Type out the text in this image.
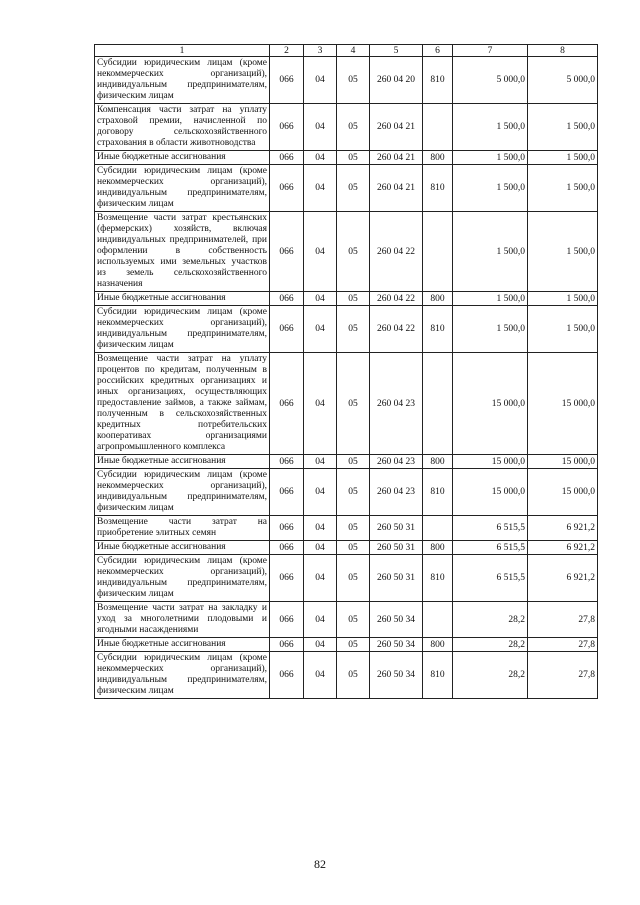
1	2	3	4	5	6	7	8
Субсидии юридическим лицам (кроме некоммерческих организаций), индивидуальным предпринимателям, физическим лицам	066	04	05	260 04 20	810	5 000,0	5 000,0
Компенсация части затрат на уплату страховой премии, начисленной по договору сельскохозяйственного страхования в области животноводства	066	04	05	260 04 21		1 500,0	1 500,0
Иные бюджетные ассигнования	066	04	05	260 04 21	800	1 500,0	1 500,0
Субсидии юридическим лицам (кроме некоммерческих организаций), индивидуальным предпринимателям, физическим лицам	066	04	05	260 04 21	810	1 500,0	1 500,0
Возмещение части затрат крестьянских (фермерских) хозяйств, включая индивидуальных предпринимателей, при оформлении в собственность используемых ими земельных участков из земель сельскохозяйственного назначения	066	04	05	260 04 22		1 500,0	1 500,0
Иные бюджетные ассигнования	066	04	05	260 04 22	800	1 500,0	1 500,0
Субсидии юридическим лицам (кроме некоммерческих организаций), индивидуальным предпринимателям, физическим лицам	066	04	05	260 04 22	810	1 500,0	1 500,0
Возмещение части затрат на уплату процентов по кредитам, полученным в российских кредитных организациях и иных организациях, осуществляющих предоставление займов, а также займам, полученным в сельскохозяйственных кредитных потребительских кооперативах организациями агропромышленного комплекса	066	04	05	260 04 23		15 000,0	15 000,0
Иные бюджетные ассигнования	066	04	05	260 04 23	800	15 000,0	15 000,0
Субсидии юридическим лицам (кроме некоммерческих организаций), индивидуальным предпринимателям, физическим лицам	066	04	05	260 04 23	810	15 000,0	15 000,0
Возмещение части затрат на приобретение элитных семян	066	04	05	260 50 31		6 515,5	6 921,2
Иные бюджетные ассигнования	066	04	05	260 50 31	800	6 515,5	6 921,2
Субсидии юридическим лицам (кроме некоммерческих организаций), индивидуальным предпринимателям, физическим лицам	066	04	05	260 50 31	810	6 515,5	6 921,2
Возмещение части затрат на закладку и уход за многолетними плодовыми и ягодными насаждениями	066	04	05	260 50 34		28,2	27,8
Иные бюджетные ассигнования	066	04	05	260 50 34	800	28,2	27,8
Субсидии юридическим лицам (кроме некоммерческих организаций), индивидуальным предпринимателям, физическим лицам	066	04	05	260 50 34	810	28,2	27,8
82
